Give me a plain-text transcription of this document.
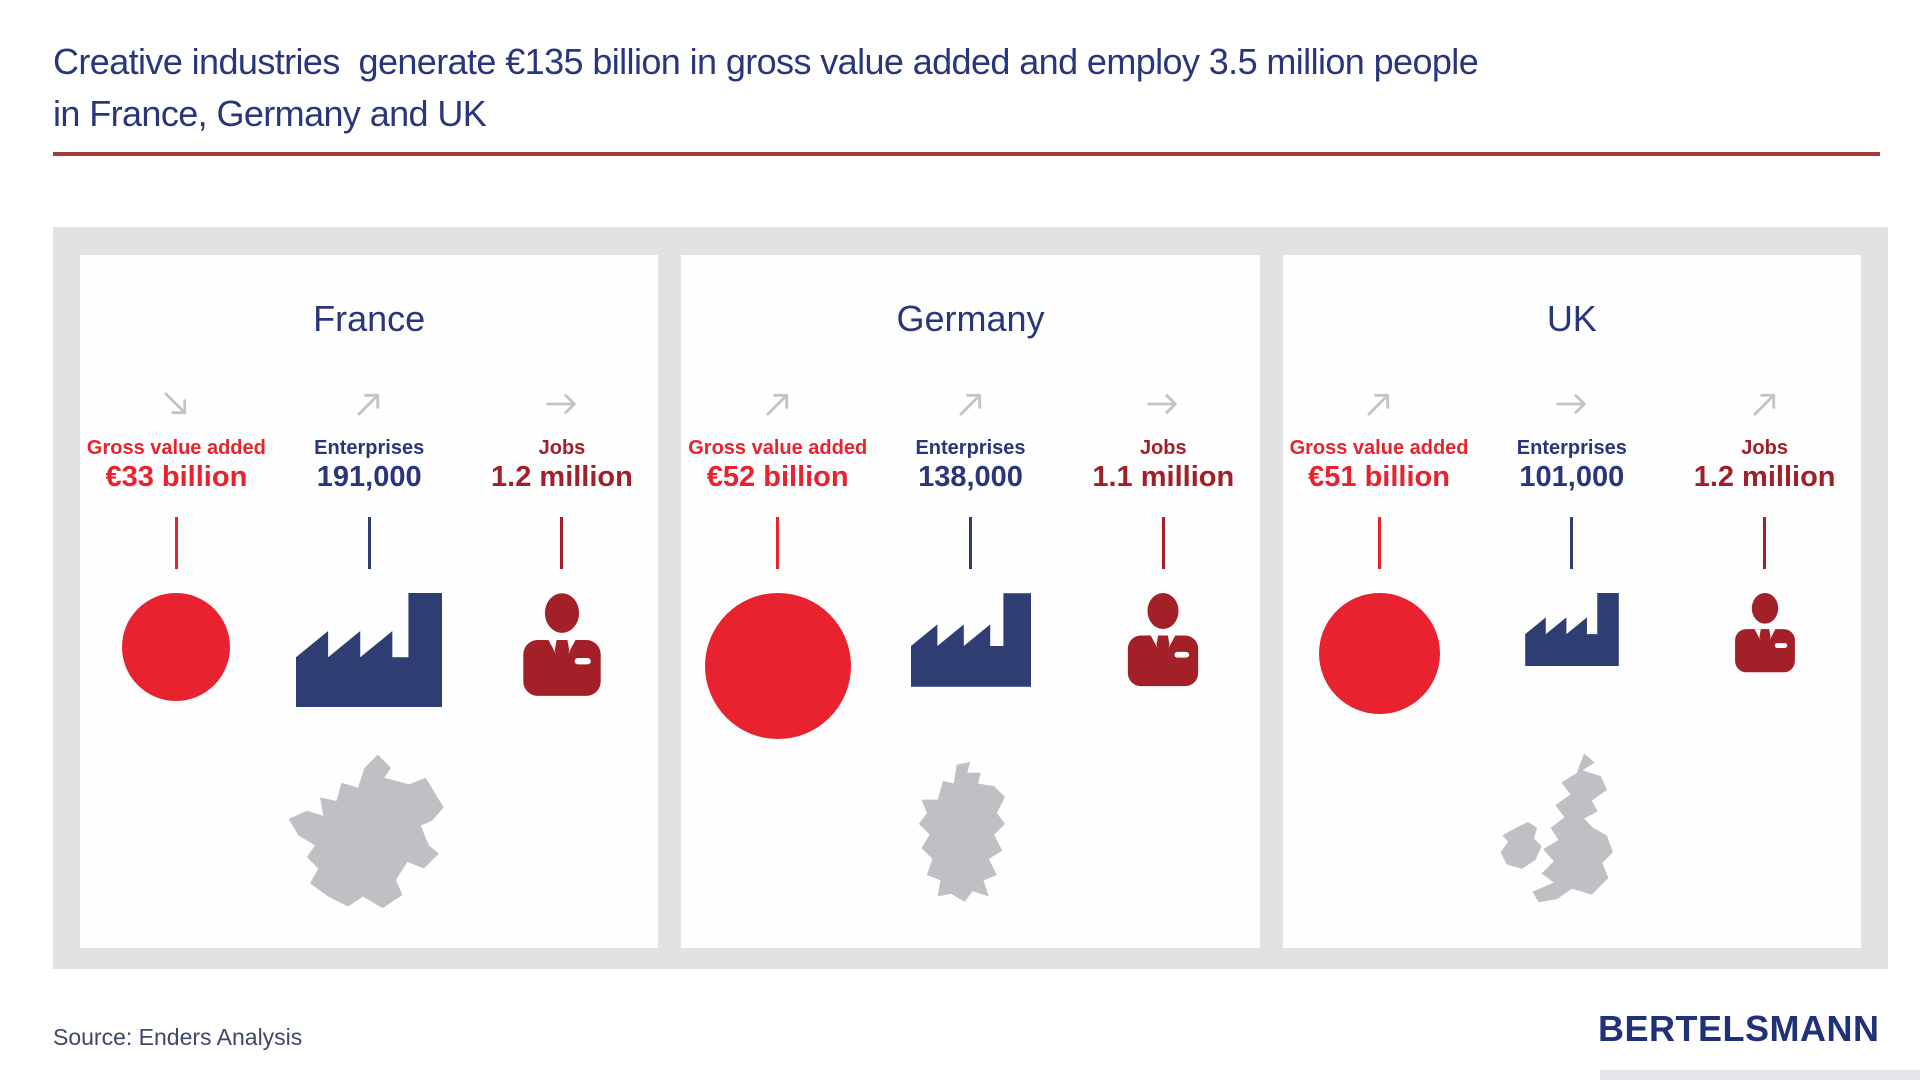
Creative industries  generate €135 billion in gross value added and employ 3.5 million people
in France, Germany and UK
France
Gross value added
€33 billion
Enterprises
191,000
Jobs
1.2 million
Germany
Gross value added
€52 billion
Enterprises
138,000
Jobs
1.1 million
UK
Gross value added
€51 billion
Enterprises
101,000
Jobs
1.2 million
Source: Enders Analysis	BERTELSMANN
